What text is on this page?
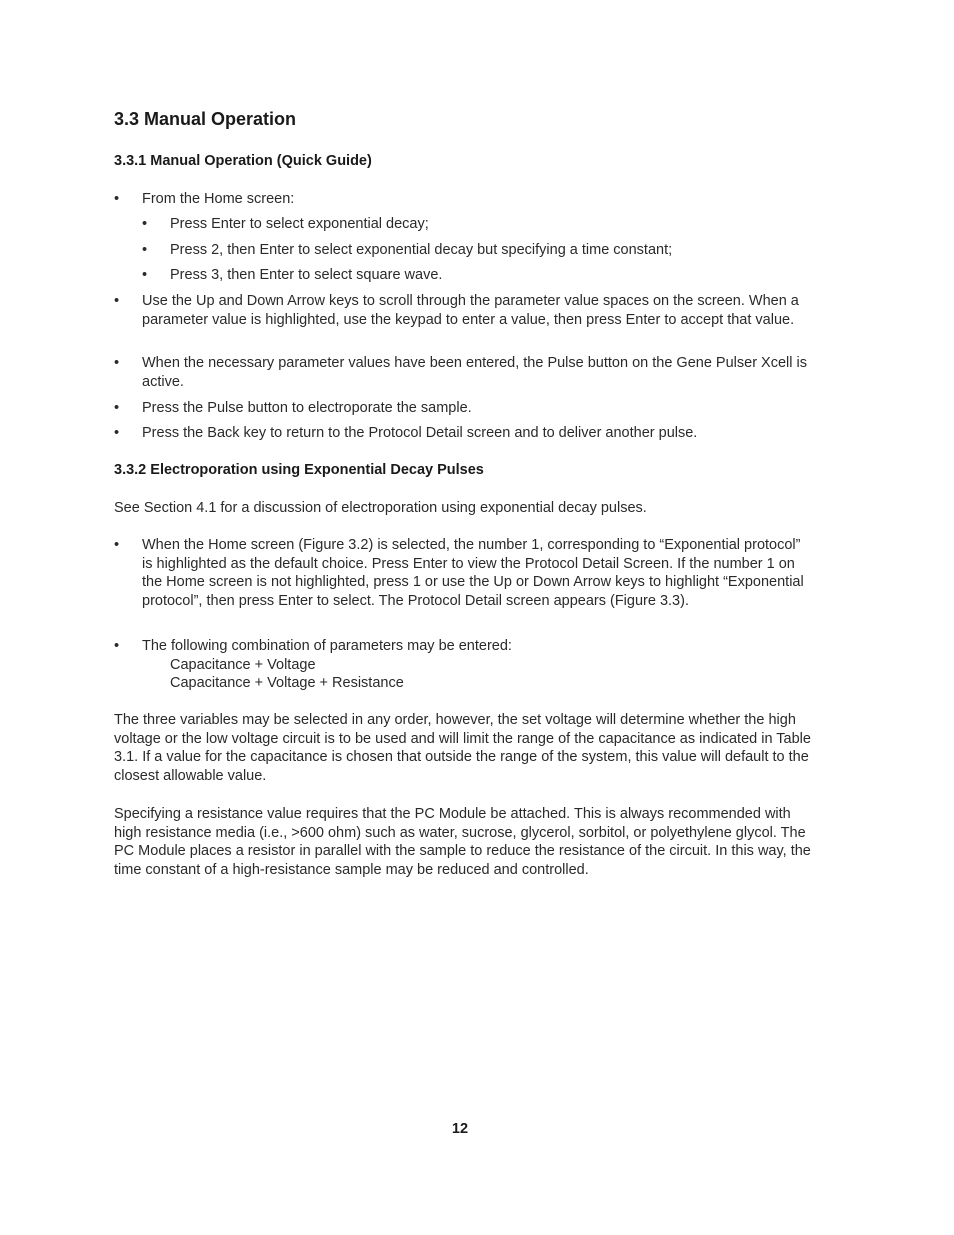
3.3 Manual Operation
3.3.1 Manual Operation (Quick Guide)
•	From the Home screen:
•	Press Enter to select exponential decay;
•	Press 2, then Enter to select exponential decay but specifying a time constant;
•	Press 3, then Enter to select square wave.
•	Use the Up and Down Arrow keys to scroll through the parameter value spaces on the screen. When a parameter value is highlighted, use the keypad to enter a value, then press Enter to accept that value.
•	When the necessary parameter values have been entered, the Pulse button on the Gene Pulser Xcell is active.
•	Press the Pulse button to electroporate the sample.
•	Press the Back key to return to the Protocol Detail screen and to deliver another pulse.
3.3.2 Electroporation using Exponential Decay Pulses
See Section 4.1 for a discussion of electroporation using exponential decay pulses.
•	When the Home screen (Figure 3.2) is selected, the number 1, corresponding to “Exponential protocol” is highlighted as the default choice. Press Enter to view the Protocol Detail Screen. If the number 1 on the Home screen is not highlighted, press 1 or use the Up or Down Arrow keys to highlight “Exponential protocol”, then press Enter to select. The Protocol Detail screen appears (Figure 3.3).
•	The following combination of parameters may be entered:
Capacitance + Voltage
Capacitance + Voltage + Resistance
The three variables may be selected in any order, however, the set voltage will determine whether the high voltage or the low voltage circuit is to be used and will limit the range of the capacitance as indicated in Table 3.1. If a value for the capacitance is chosen that outside the range of the system, this value will default to the closest allowable value.
Specifying a resistance value requires that the PC Module be attached. This is always recommended with high resistance media (i.e., >600 ohm) such as water, sucrose, glycerol, sorbitol, or polyethylene glycol. The PC Module places a resistor in parallel with the sample to reduce the resistance of the circuit. In this way, the time constant of a high-resistance sample may be reduced and controlled.
12
